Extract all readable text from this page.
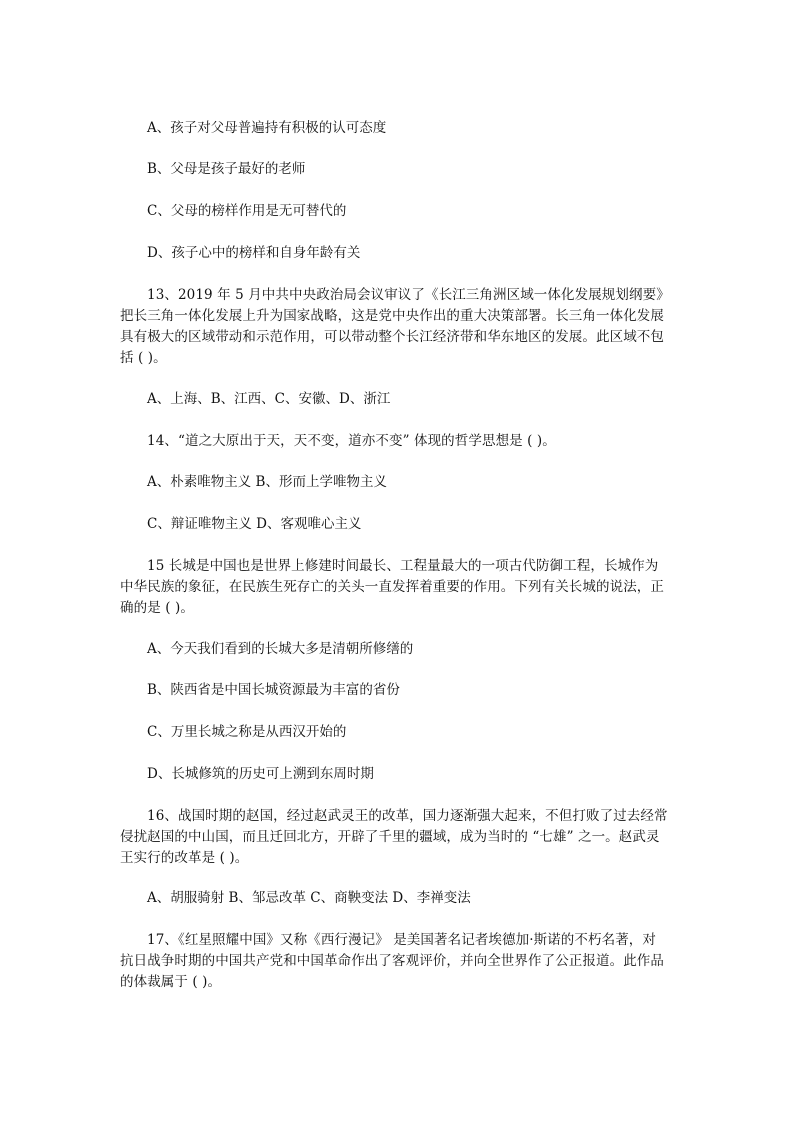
A、孩子对父母普遍持有积极的认可态度
B、父母是孩子最好的老师
C、父母的榜样作用是无可替代的
D、孩子心中的榜样和自身年龄有关
13、2019 年 5 月中共中央政治局会议审议了《长江三角洲区域一体化发展规划纲要》把长三角一体化发展上升为国家战略，这是党中央作出的重大决策部署。长三角一体化发展具有极大的区域带动和示范作用，可以带动整个长江经济带和华东地区的发展。此区域不包括 ( )。
A、上海、B、江西、C、安徽、D、浙江
14、“道之大原出于天，天不变，道亦不变” 体现的哲学思想是 ( )。
A、朴素唯物主义 B、形而上学唯物主义
C、辩证唯物主义 D、客观唯心主义
15 长城是中国也是世界上修建时间最长、工程量最大的一项古代防御工程，长城作为中华民族的象征，在民族生死存亡的关头一直发挥着重要的作用。下列有关长城的说法，正确的是 ( )。
A、今天我们看到的长城大多是清朝所修缮的
B、陕西省是中国长城资源最为丰富的省份
C、万里长城之称是从西汉开始的
D、长城修筑的历史可上溯到东周时期
16、战国时期的赵国，经过赵武灵王的改革，国力逐渐强大起来，不但打败了过去经常侵扰赵国的中山国，而且迁回北方，开辟了千里的疆域，成为当时的 “七雄” 之一。赵武灵王实行的改革是 ( )。
A、胡服骑射 B、邹忌改革 C、商鞅变法 D、李禅变法
17、《红星照耀中国》又称《西行漫记》 是美国著名记者埃德加·斯诺的不朽名著，对抗日战争时期的中国共产党和中国革命作出了客观评价，并向全世界作了公正报道。此作品的体裁属于 ( )。
